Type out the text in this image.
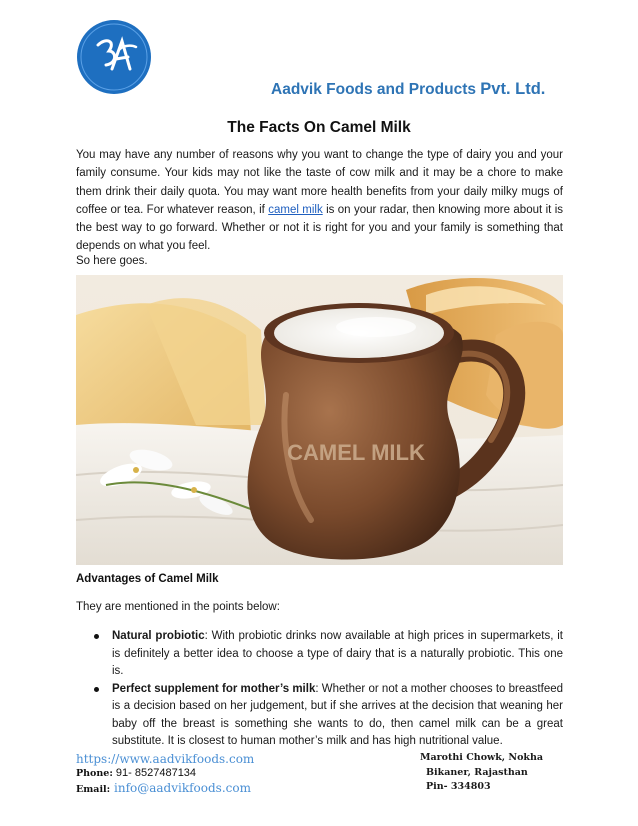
Aadvik Foods and Products Pvt. Ltd.
The Facts On Camel Milk

You may have any number of reasons why you want to change the type of dairy you and your family consume. Your kids may not like the taste of cow milk and it may be a chore to make them drink their daily quota. You may want more health benefits from your daily milky mugs of coffee or tea. For whatever reason, if camel milk is on your radar, then knowing more about it is the best way to go forward. Whether or not it is right for you and your family is something that depends on what you feel.

So here goes.

CAMEL MILK
Advantages of Camel Milk
They are mentioned in the points below:
Natural probiotic: With probiotic drinks now available at high prices in supermarkets, it is definitely a better idea to choose a type of dairy that is a naturally probiotic. This one is.
Perfect supplement for mother’s milk: Whether or not a mother chooses to breastfeed is a decision based on her judgement, but if she arrives at the decision that weaning her baby off the breast is something she wants to do, then camel milk can be a great substitute. It is closest to human mother’s milk and has high nutritional value.
https://www.aadvikfoods.com	Marothi Chowk, Nokha
Phone: 91- 8527487134	Bikaner, Rajasthan
Email: info@aadvikfoods.com	Pin- 334803
